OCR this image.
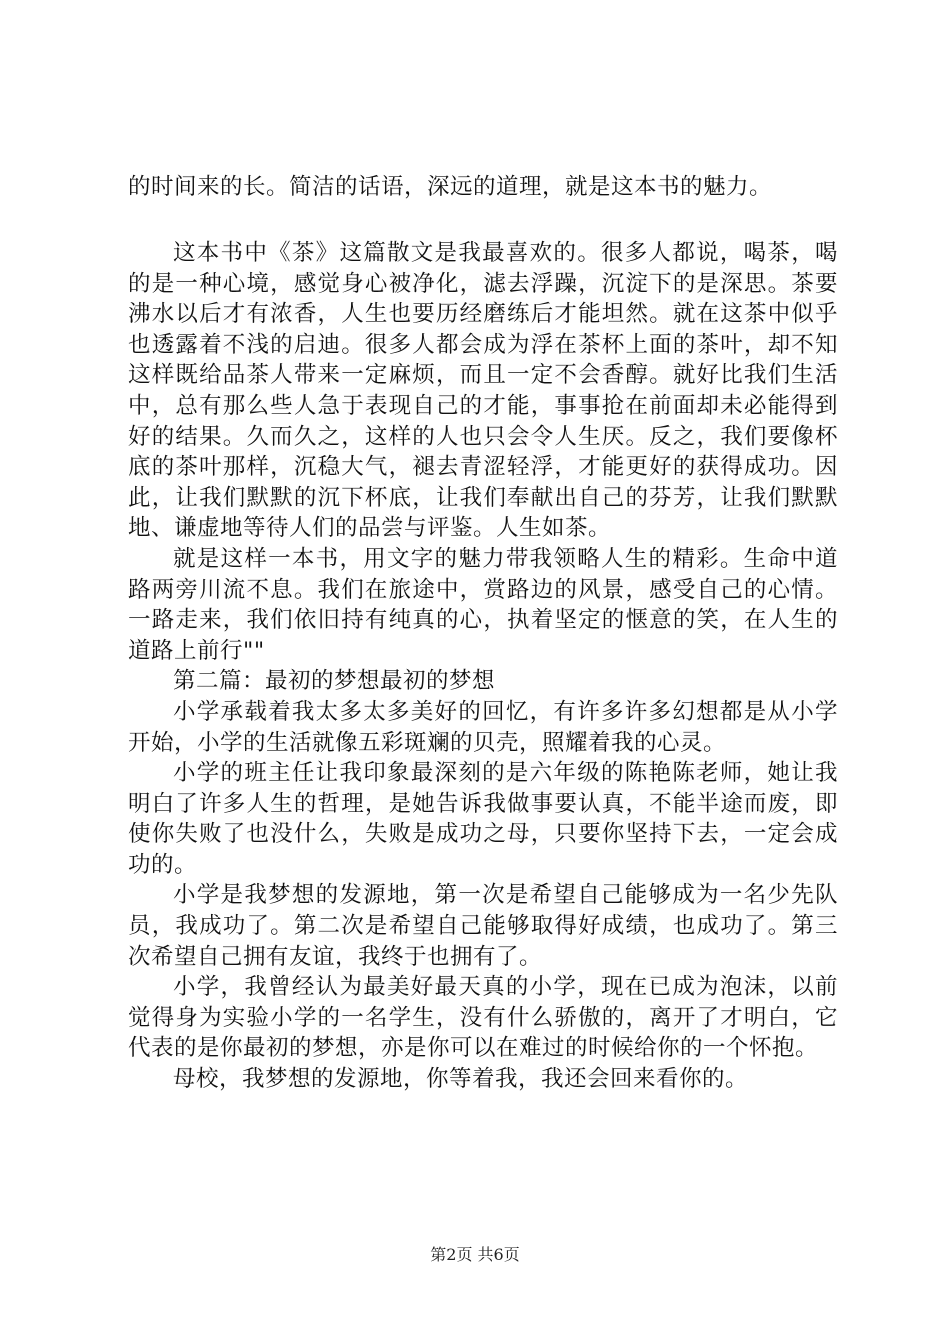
的时间来的长。简洁的话语，深远的道理，就是这本书的魅力。

这本书中《茶》这篇散文是我最喜欢的。很多人都说，喝茶，喝的是一种心境，感觉身心被净化，滤去浮躁，沉淀下的是深思。茶要沸水以后才有浓香，人生也要历经磨练后才能坦然。就在这茶中似乎也透露着不浅的启迪。很多人都会成为浮在茶杯上面的茶叶，却不知这样既给品茶人带来一定麻烦，而且一定不会香醇。就好比我们生活中，总有那么些人急于表现自己的才能，事事抢在前面却未必能得到好的结果。久而久之，这样的人也只会令人生厌。反之，我们要像杯底的茶叶那样，沉稳大气，褪去青涩轻浮，才能更好的获得成功。因此，让我们默默的沉下杯底，让我们奉献出自己的芬芳，让我们默默地、谦虚地等待人们的品尝与评鉴。人生如茶。

就是这样一本书，用文字的魅力带我领略人生的精彩。生命中道路两旁川流不息。我们在旅途中，赏路边的风景，感受自己的心情。一路走来，我们依旧持有纯真的心，执着坚定的惬意的笑，在人生的道路上前行""

第二篇：最初的梦想最初的梦想

小学承载着我太多太多美好的回忆，有许多许多幻想都是从小学开始，小学的生活就像五彩斑斓的贝壳，照耀着我的心灵。

小学的班主任让我印象最深刻的是六年级的陈艳陈老师，她让我明白了许多人生的哲理，是她告诉我做事要认真，不能半途而废，即使你失败了也没什么，失败是成功之母，只要你坚持下去，一定会成功的。

小学是我梦想的发源地，第一次是希望自己能够成为一名少先队员，我成功了。第二次是希望自己能够取得好成绩，也成功了。第三次希望自己拥有友谊，我终于也拥有了。

小学，我曾经认为最美好最天真的小学，现在已成为泡沫，以前觉得身为实验小学的一名学生，没有什么骄傲的，离开了才明白，它代表的是你最初的梦想，亦是你可以在难过的时候给你的一个怀抱。

母校，我梦想的发源地，你等着我，我还会回来看你的。

第2页 共6页
